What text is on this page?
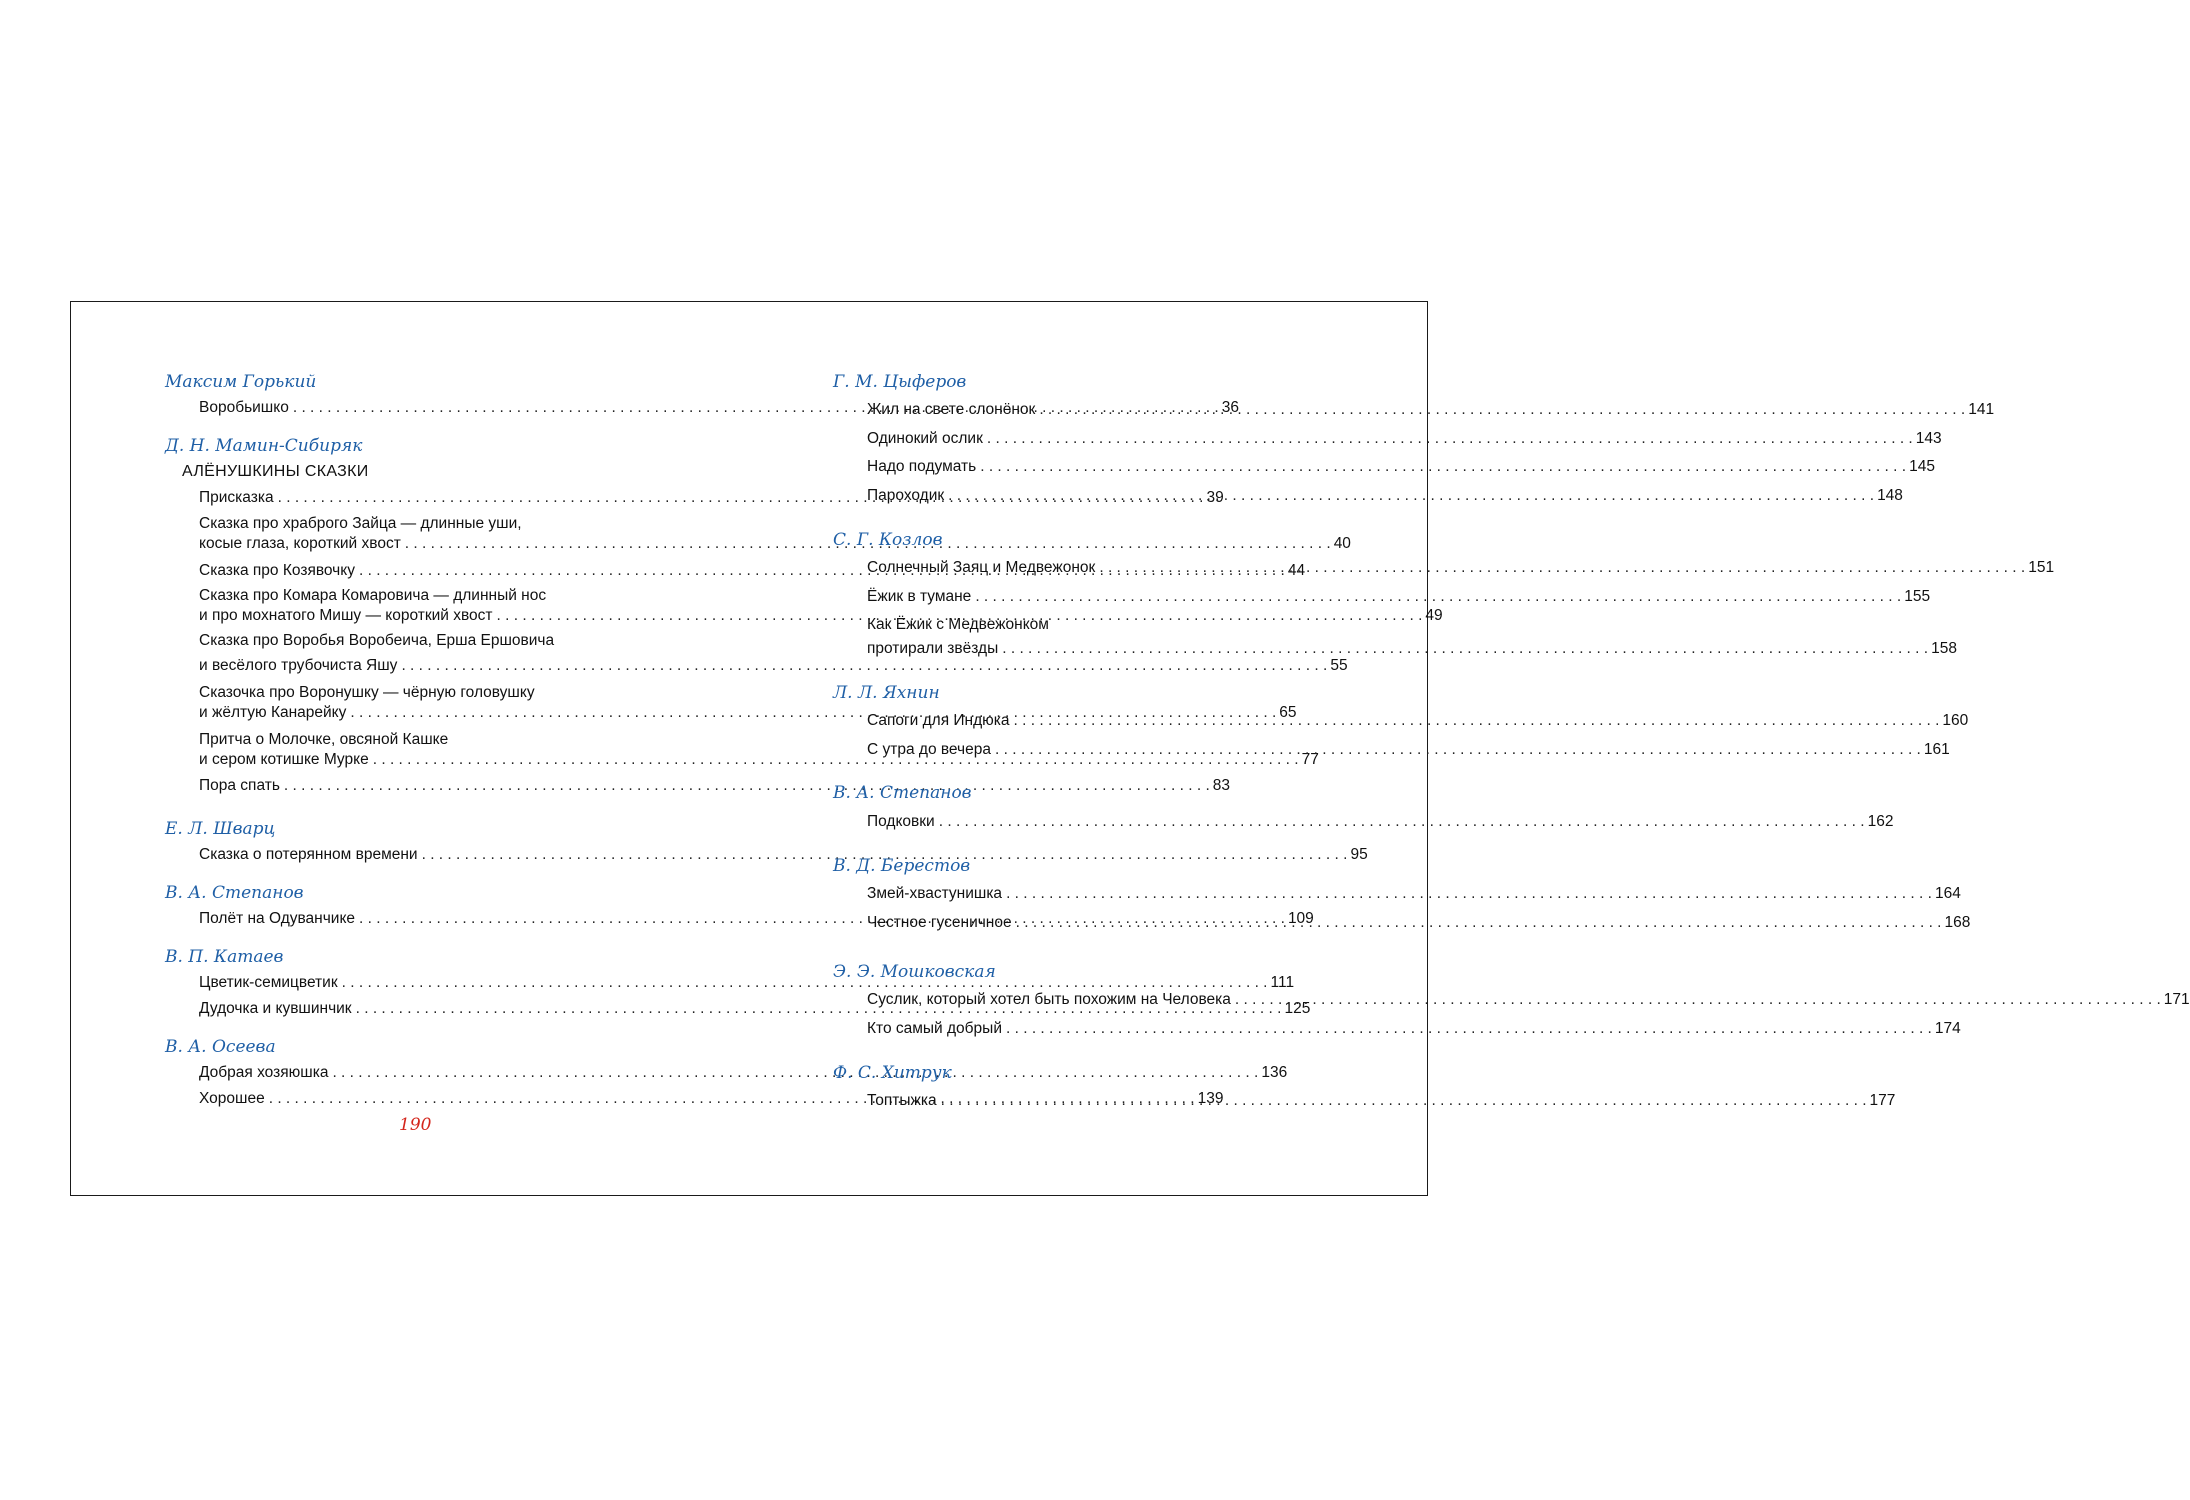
Максим Горький
Воробьишко . . .	36
Д. Н. Мамин-Сибиряк
АЛЁНУШКИНЫ СКАЗКИ
Присказка . . .	39
Сказка про храброго Зайца — длинные уши,
косые глаза, короткий хвост . . .	40
Сказка про Козявочку . . .	44
Сказка про Комара Комаровича — длинный нос
и про мохнатого Мишу — короткий хвост . . .	49
Сказка про Воробья Воробеича, Ерша Ершовича
и весёлого трубочиста Яшу . . .	55
Сказочка про Воронушку — чёрную головушку
и жёлтую Канарейку . . .	65
Притча о Молочке, овсяной Кашке
и сером котишке Мурке . . .	77
Пора спать . . .	83
Е. Л. Шварц
Сказка о потерянном времени . . .	95
В. А. Степанов
Полёт на Одуванчике . . .	109
В. П. Катаев
Цветик-семицветик . . .	111
Дудочка и кувшинчик . . .	125
В. А. Осеева
Добрая хозяюшка . . .	136
Хорошее . . .	139
190
Г. М. Цыферов
Жил на свете слонёнок . . .	141
Одинокий ослик . . .	143
Надо подумать . . .	145
Пароходик . . .	148
С. Г. Козлов
Солнечный Заяц и Медвежонок . . .	151
Ёжик в тумане . . .	155
Как Ёжик с Медвежонком
протирали звёзды . . .	158
Л. Л. Яхнин
Сапоги для Индюка . . .	160
С утра до вечера . . .	161
В. А. Степанов
Подковки . . .	162
В. Д. Берестов
Змей-хвастунишка . . .	164
Честное гусеничное . . .	168
Э. Э. Мошковская
Суслик, который хотел быть похожим на Человека . . .	171
Кто самый добрый . . .	174
Ф. С. Хитрук
Топтыжка . . .	177
